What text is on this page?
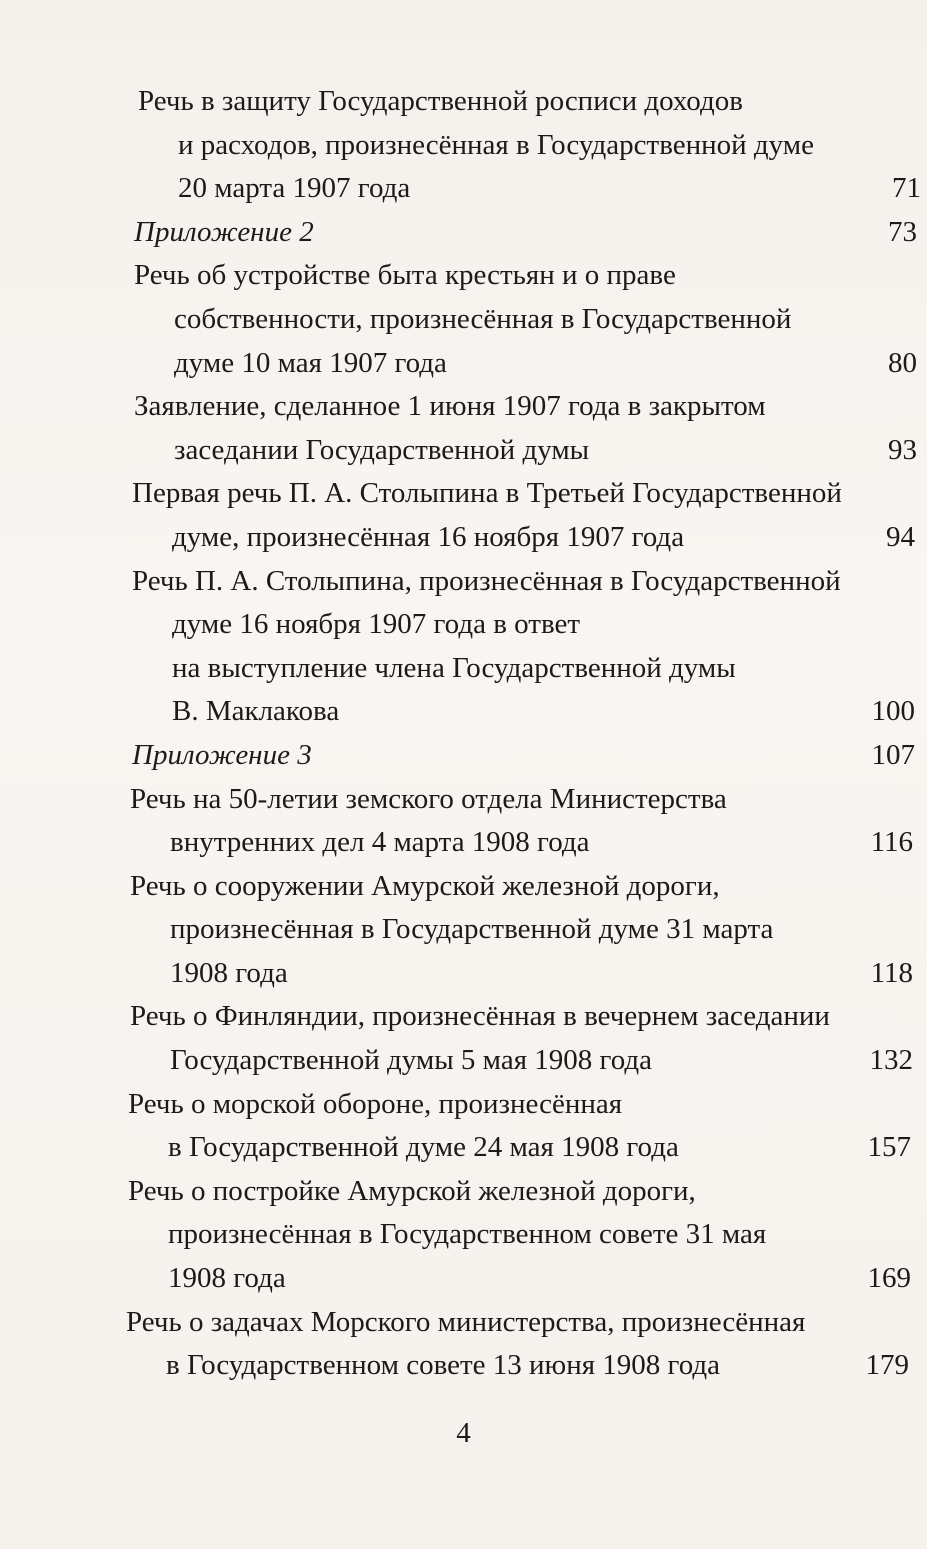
Речь в защиту Государственной росписи доходов
и расходов, произнесённая в Государственной думе
20 марта 1907 года	71
Приложение 2	73
Речь об устройстве быта крестьян и о праве
собственности, произнесённая в Государственной
думе 10 мая 1907 года	80
Заявление, сделанное 1 июня 1907 года в закрытом
заседании Государственной думы	93
Первая речь П. А. Столыпина в Третьей Государственной
думе, произнесённая 16 ноября 1907 года	94
Речь П. А. Столыпина, произнесённая в Государственной
думе 16 ноября 1907 года в ответ
на выступление члена Государственной думы
В. Маклакова	100
Приложение 3	107
Речь на 50-летии земского отдела Министерства
внутренних дел 4 марта 1908 года	116
Речь о сооружении Амурской железной дороги,
произнесённая в Государственной думе 31 марта
1908 года	118
Речь о Финляндии, произнесённая в вечернем заседании
Государственной думы 5 мая 1908 года	132
Речь о морской обороне, произнесённая
в Государственной думе 24 мая 1908 года	157
Речь о постройке Амурской железной дороги,
произнесённая в Государственном совете 31 мая
1908 года	169
Речь о задачах Морского министерства, произнесённая
в Государственном совете 13 июня 1908 года	179
4
